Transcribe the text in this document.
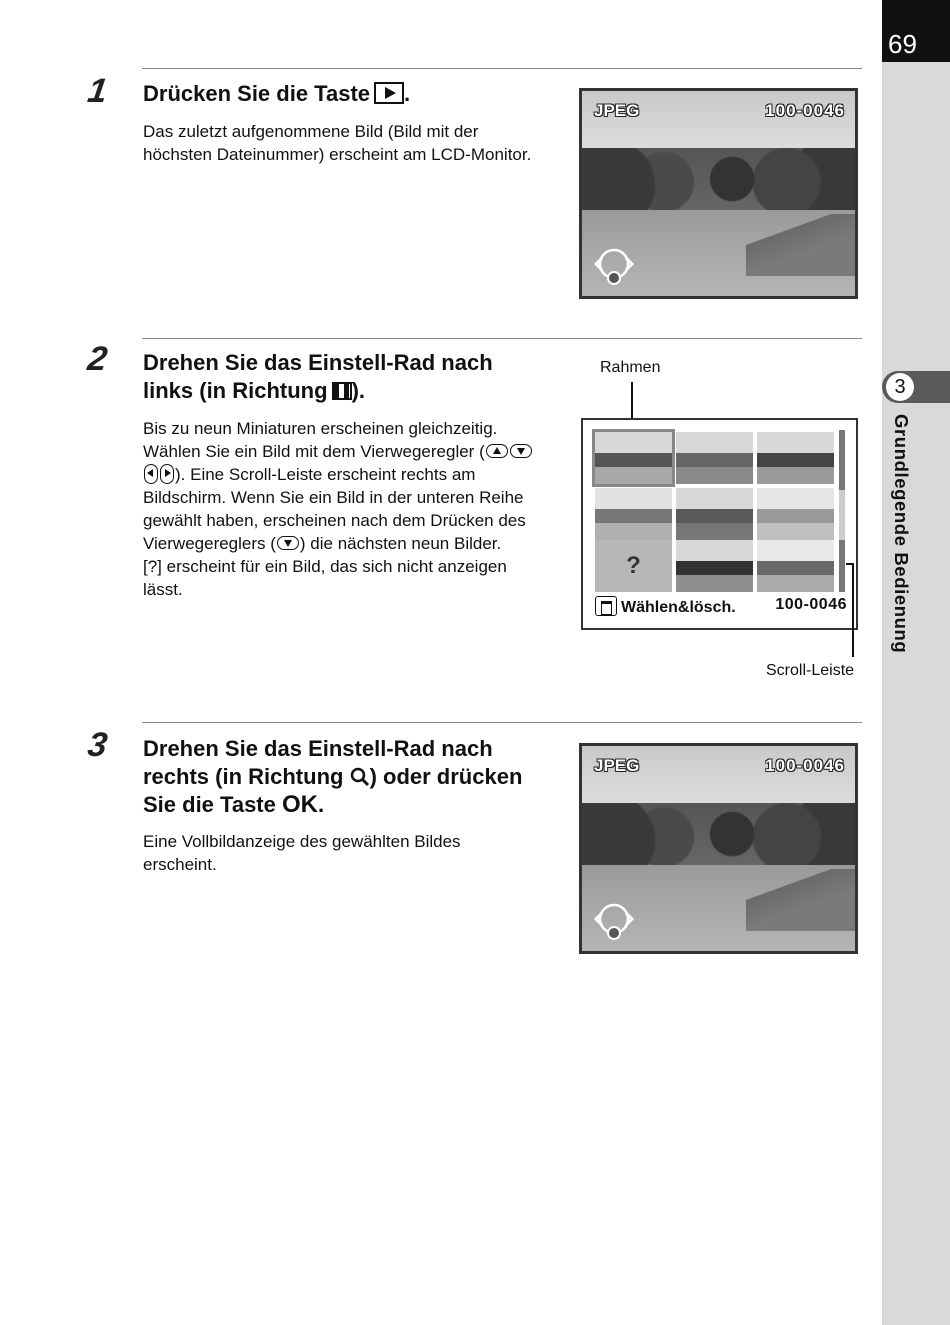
69
3
Grundlegende Bedienung
1 Drücken Sie die Taste .
Das zuletzt aufgenommene Bild (Bild mit der höchsten Dateinummer) erscheint am LCD-Monitor.
JPEG	100-0046
2 Drehen Sie das Einstell-Rad nach links (in Richtung ).
Bis zu neun Miniaturen erscheinen gleichzeitig. Wählen Sie ein Bild mit dem Vierwegeregler (). Eine Scroll-Leiste erscheint rechts am Bildschirm. Wenn Sie ein Bild in der unteren Reihe gewählt haben, erscheinen nach dem Drücken des Vierwegereglers ( ) die nächsten neun Bilder.
[?] erscheint für ein Bild, das sich nicht anzeigen lässt.
Rahmen
?
Wählen&lösch. 100-0046
Scroll-Leiste
3 Drehen Sie das Einstell-Rad nach rechts (in Richtung ) oder drücken Sie die Taste OK.
Eine Vollbildanzeige des gewählten Bildes erscheint.
JPEG	100-0046
